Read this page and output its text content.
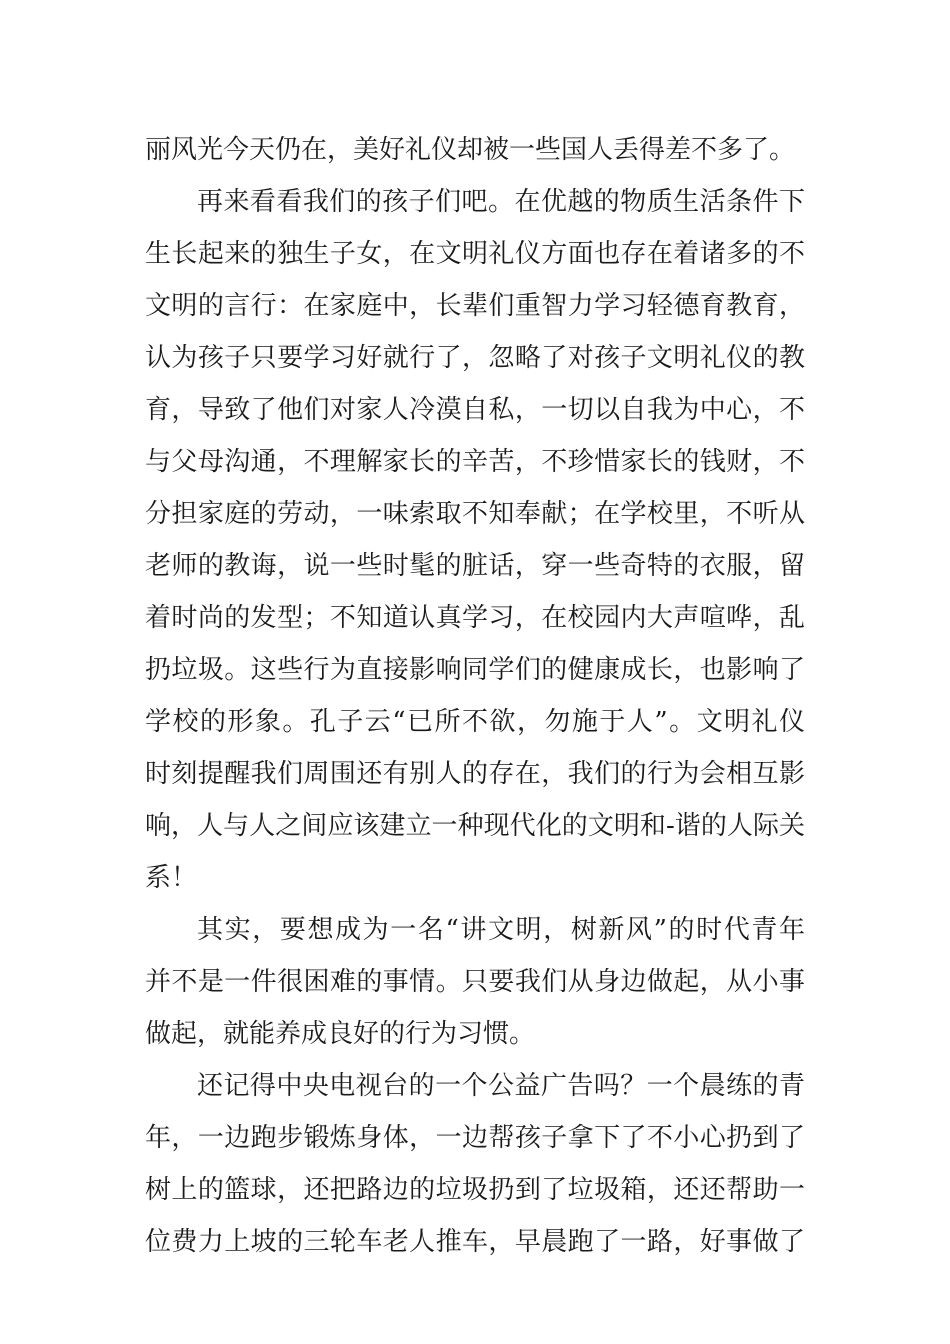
丽风光今天仍在，美好礼仪却被一些国人丢得差不多了。
再来看看我们的孩子们吧。在优越的物质生活条件下
生长起来的独生子女，在文明礼仪方面也存在着诸多的不
文明的言行：在家庭中，长辈们重智力学习轻德育教育，
认为孩子只要学习好就行了，忽略了对孩子文明礼仪的教
育，导致了他们对家人冷漠自私，一切以自我为中心，不
与父母沟通，不理解家长的辛苦，不珍惜家长的钱财，不
分担家庭的劳动，一味索取不知奉献；在学校里，不听从
老师的教诲，说一些时髦的脏话，穿一些奇特的衣服，留
着时尚的发型；不知道认真学习，在校园内大声喧哗，乱
扔垃圾。这些行为直接影响同学们的健康成长，也影响了
学校的形象。孔子云“已所不欲，勿施于人”。文明礼仪
时刻提醒我们周围还有别人的存在，我们的行为会相互影
响，人与人之间应该建立一种现代化的文明和-谐的人际关
系！
其实，要想成为一名“讲文明，树新风”的时代青年
并不是一件很困难的事情。只要我们从身边做起，从小事
做起，就能养成良好的行为习惯。
还记得中央电视台的一个公益广告吗？一个晨练的青
年，一边跑步锻炼身体，一边帮孩子拿下了不小心扔到了
树上的篮球，还把路边的垃圾扔到了垃圾箱，还还帮助一
位费力上坡的三轮车老人推车，早晨跑了一路，好事做了
